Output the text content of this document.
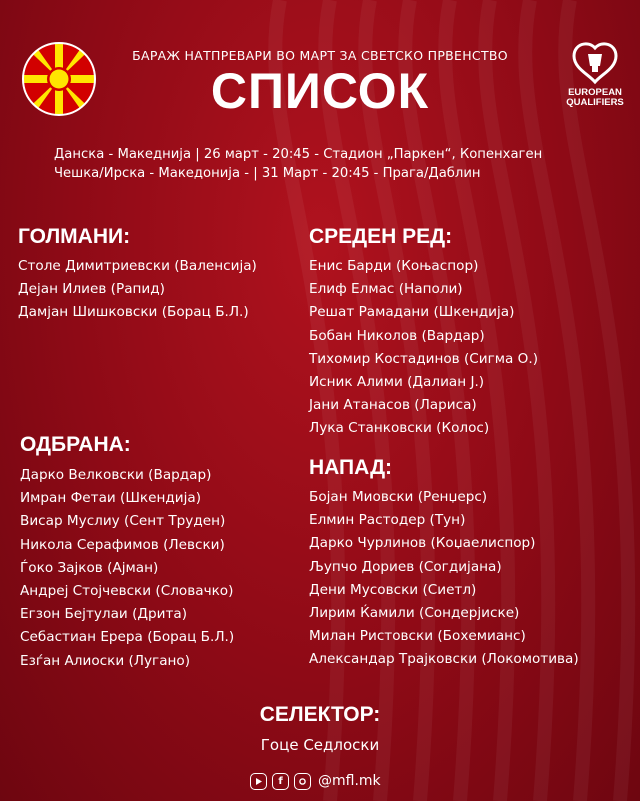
БАРАЖ НАТПРЕВАРИ ВО МАРТ ЗА СВЕТСКО ПРВЕНСТВО
СПИСОК	EUROPEAN
QUALIFIERS
Данска - Македнија | 26 март - 20:45 - Стадион „Паркен“, Копенхаген
Чешка/Ирска - Македонија - | 31 Март - 20:45 - Прага/Даблин
ГОЛМАНИ:
Столе Димитриевски (Валенсија)
Дејан Илиев (Рапид)
Дамјан Шишковски (Борац Б.Л.)
ОДБРАНА:
Дарко Велковски (Вардар)
Имран Фетаи (Шкендија)
Висар Муслиу (Сент Труден)
Никола Серафимов (Левски)
Ѓоко Зајков (Ајман)
Андреј Стојчевски (Словачко)
Егзон Бејтулаи (Дрита)
Себастиан Ерера (Борац Б.Л.)
Езѓан Алиоски (Лугано)
СРЕДЕН РЕД:
Енис Барди (Коњаспор)
Елиф Елмас (Наполи)
Решат Рамадани (Шкендија)
Бобан Николов (Вардар)
Тихомир Костадинов (Сигма О.)
Исник Алими (Далиан Ј.)
Јани Атанасов (Лариса)
Лука Станковски (Колос)
НАПАД:
Бојан Миовски (Ренџерс)
Елмин Растодер (Тун)
Дарко Чурлинов (Коџаелиспор)
Љупчо Дориев (Согдијана)
Дени Мусовски (Сиетл)
Лирим Ќамили (Сондерјиске)
Милан Ристовски (Бохемианс)
Александар Трајковски (Локомотива)
СЕЛЕКТОР:
Гоце Седлоски
f	@mfl.mk
